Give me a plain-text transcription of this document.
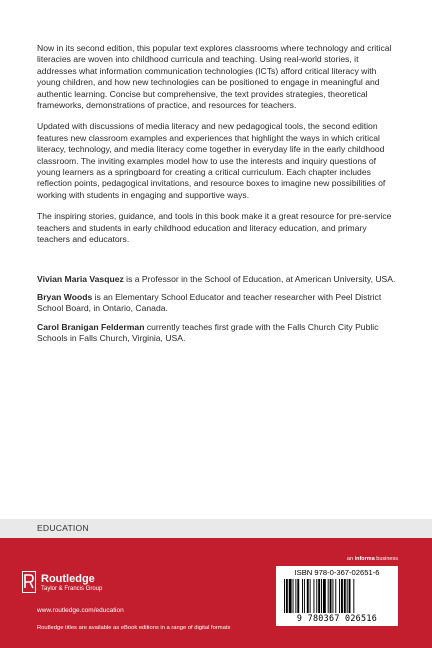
Now in its second edition, this popular text explores classrooms where technology and critical literacies are woven into childhood curricula and teaching. Using real-world stories, it addresses what information communication technologies (ICTs) afford critical literacy with young children, and how new technologies can be positioned to engage in meaningful and authentic learning. Concise but comprehensive, the text provides strategies, theoretical frameworks, demonstrations of practice, and resources for teachers.

Updated with discussions of media literacy and new pedagogical tools, the second edition features new classroom examples and experiences that highlight the ways in which critical literacy, technology, and media literacy come together in everyday life in the early childhood classroom. The inviting examples model how to use the interests and inquiry questions of young learners as a springboard for creating a critical curriculum. Each chapter includes reflection points, pedagogical invitations, and resource boxes to imagine new possibilities of working with students in engaging and supportive ways.

The inspiring stories, guidance, and tools in this book make it a great resource for pre-service teachers and students in early childhood education and literacy education, and primary teachers and educators.

Vivian Maria Vasquez is a Professor in the School of Education, at American University, USA.

Bryan Woods is an Elementary School Educator and teacher researcher with Peel District School Board, in Ontario, Canada.

Carol Branigan Felderman currently teaches first grade with the Falls Church City Public Schools in Falls Church, Virginia, USA.

EDUCATION
an informa business
Routledge
Taylor & Francis Group
www.routledge.com/education
Routledge titles are available as eBook editions in a range of digital formats
ISBN 978-0-367-02651-6
9 780367 026516
